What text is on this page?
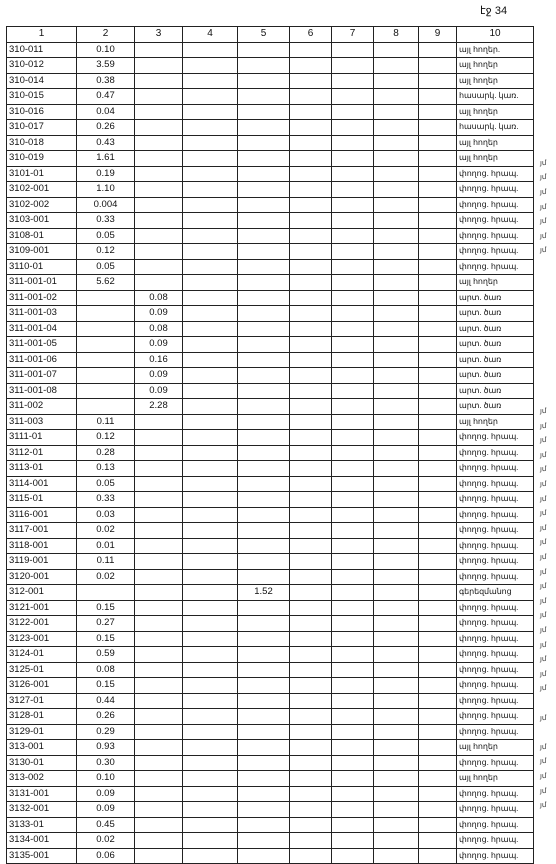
էջ 34
1	2	3	4	5	6	7	8	9	10
310-011	0.10								այլ հողեր.
310-012	3.59								այլ հողեր
310-014	0.38								այլ հողեր
310-015	0.47								հասարկ. կառ.
310-016	0.04								այլ հողեր
310-017	0.26								հասարկ. կառ.
310-018	0.43								այլ հողեր
310-019	1.61								այլ հողեր
3101-01	0.19								փողոց. հրապ.
3102-001	1.10								փողոց. հրապ.
3102-002	0.004								փողոց. հրապ.
3103-001	0.33								փողոց. հրապ.
3108-01	0.05								փողոց. հրապ.
3109-001	0.12								փողոց. հրապ.
3110-01	0.05								փողոց. հրապ.
311-001-01	5.62								այլ հողեր
311-001-02		0.08							արտ. ծառ
311-001-03		0.09							արտ. ծառ
311-001-04		0.08							արտ. ծառ
311-001-05		0.09							արտ. ծառ
311-001-06		0.16							արտ. ծառ
311-001-07		0.09							արտ. ծառ
311-001-08		0.09							արտ. ծառ
311-002		2.28							արտ. ծառ
311-003	0.11								այլ հողեր
3111-01	0.12								փողոց. հրապ.
3112-01	0.28								փողոց. հրապ.
3113-01	0.13								փողոց. հրապ.
3114-001	0.05								փողոց. հրապ.
3115-01	0.33								փողոց. հրապ.
3116-001	0.03								փողոց. հրապ.
3117-001	0.02								փողոց. հրապ.
3118-001	0.01								փողոց. հրապ.
3119-001	0.11								փողոց. հրապ.
3120-001	0.02								փողոց. հրապ.
312-001				1.52					գերեզմանոց
3121-001	0.15								փողոց. հրապ.
3122-001	0.27								փողոց. հրապ.
3123-001	0.15								փողոց. հրապ.
3124-01	0.59								փողոց. հրապ.
3125-01	0.08								փողոց. հրապ.
3126-001	0.15								փողոց. հրապ.
3127-01	0.44								փողոց. հրապ.
3128-01	0.26								փողոց. հրապ.
3129-01	0.29								փողոց. հրապ.
313-001	0.93								այլ հողեր
3130-01	0.30								փողոց. հրապ.
313-002	0.10								այլ հողեր
3131-001	0.09								փողոց. հրապ.
3132-001	0.09								փողոց. հրապ.
3133-01	0.45								փողոց. հրապ.
3134-001	0.02								փողոց. հրապ.
3135-001	0.06								փողոց. հրապ.
յմ
յմ
յմ
յմ
յմ
յմ
յմ
յմ
յմ
յմ
յմ
յմ
յմ
յմ
յմ
յմ
յմ
յմ
յմ
յմ
յմ
յմ
յմ
յմ
յմ
յմ
յմ
յմ
յմ
յմ
յմ
յմ
յմ
